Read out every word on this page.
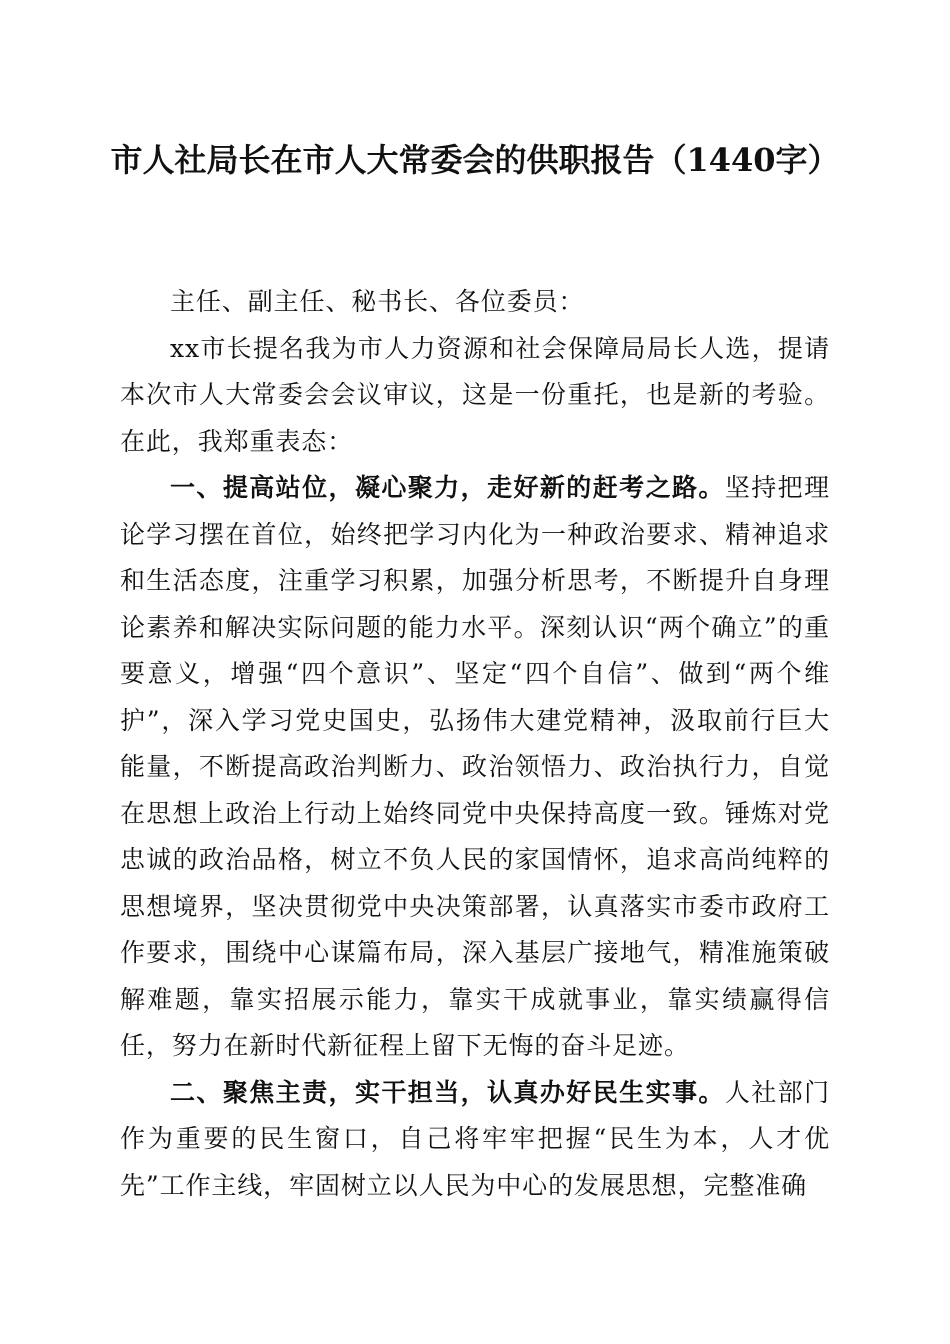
市人社局长在市人大常委会的供职报告（1440字）

主任、副主任、秘书长、各位委员：

xx市长提名我为市人力资源和社会保障局局长人选，提请本次市人大常委会会议审议，这是一份重托，也是新的考验。在此，我郑重表态：

一、提高站位，凝心聚力，走好新的赶考之路。坚持把理论学习摆在首位，始终把学习内化为一种政治要求、精神追求和生活态度，注重学习积累，加强分析思考，不断提升自身理论素养和解决实际问题的能力水平。深刻认识“两个确立”的重要意义，增强“四个意识”、坚定“四个自信”、做到“两个维护”，深入学习党史国史，弘扬伟大建党精神，汲取前行巨大能量，不断提高政治判断力、政治领悟力、政治执行力，自觉在思想上政治上行动上始终同党中央保持高度一致。锤炼对党忠诚的政治品格，树立不负人民的家国情怀，追求高尚纯粹的思想境界，坚决贯彻党中央决策部署，认真落实市委市政府工作要求，围绕中心谋篇布局，深入基层广接地气，精准施策破解难题，靠实招展示能力，靠实干成就事业，靠实绩赢得信任，努力在新时代新征程上留下无悔的奋斗足迹。

二、聚焦主责，实干担当，认真办好民生实事。人社部门作为重要的民生窗口，自己将牢牢把握“民生为本，人才优先”工作主线，牢固树立以人民为中心的发展思想，完整准确
